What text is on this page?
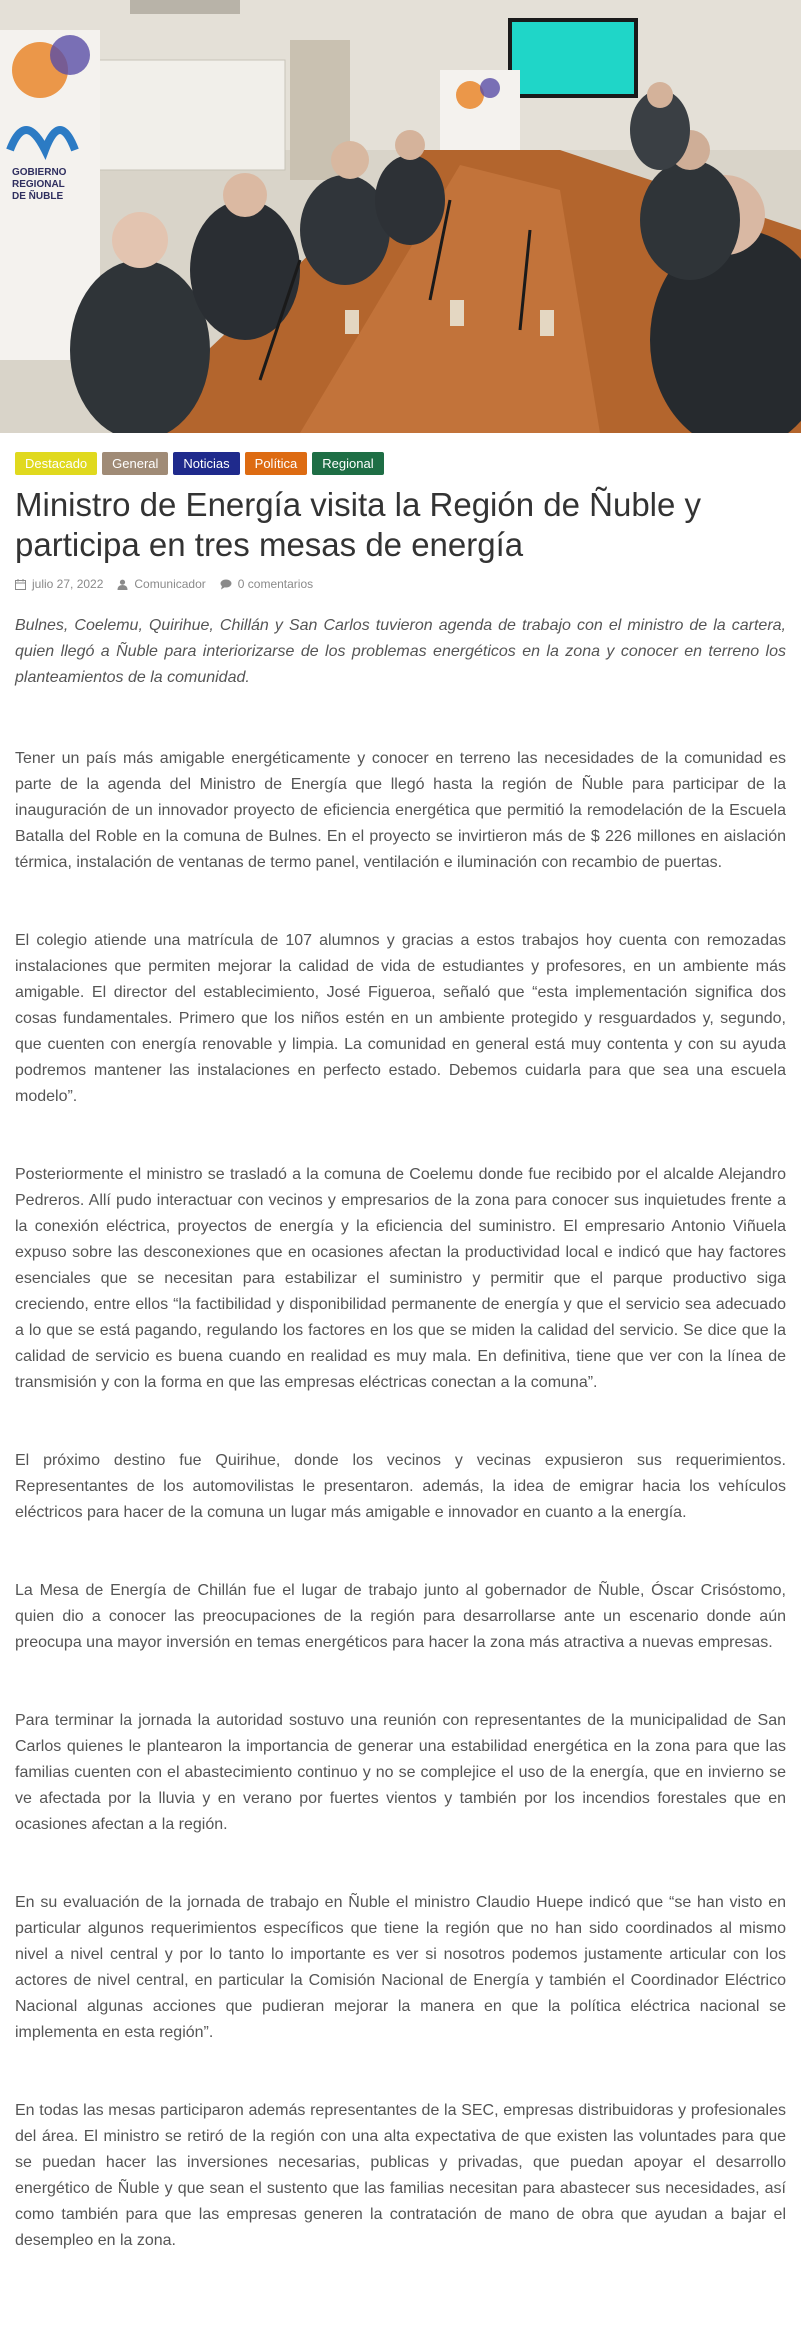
GOBIERNO
REGIONAL
DE ÑUBLE
Destacado	General	Noticias	Política	Regional
Ministro de Energía visita la Región de Ñuble y
participa en tres mesas de energía
julio 27, 2022	Comunicador	0 comentarios

Bulnes, Coelemu, Quirihue, Chillán y San Carlos tuvieron agenda de trabajo con el ministro de la cartera, quien llegó a Ñuble para interiorizarse de los problemas energéticos en la zona y conocer en terreno los planteamientos de la comunidad.

Tener un país más amigable energéticamente y conocer en terreno las necesidades de la comunidad es parte de la agenda del Ministro de Energía que llegó hasta la región de Ñuble para participar de la inauguración de un innovador proyecto de eficiencia energética que permitió la remodelación de la Escuela Batalla del Roble en la comuna de Bulnes. En el proyecto se invirtieron más de $ 226 millones en aislación térmica, instalación de ventanas de termo panel, ventilación e iluminación con recambio de puertas.

El colegio atiende una matrícula de 107 alumnos y gracias a estos trabajos hoy cuenta con remozadas instalaciones que permiten mejorar la calidad de vida de estudiantes y profesores, en un ambiente más amigable. El director del establecimiento, José Figueroa, señaló que “esta implementación significa dos cosas fundamentales. Primero que los niños estén en un ambiente protegido y resguardados y, segundo, que cuenten con energía renovable y limpia. La comunidad en general está muy contenta y con su ayuda podremos mantener las instalaciones en perfecto estado. Debemos cuidarla para que sea una escuela modelo”.

Posteriormente el ministro se trasladó a la comuna de Coelemu donde fue recibido por el alcalde Alejandro Pedreros. Allí pudo interactuar con vecinos y empresarios de la zona para conocer sus inquietudes frente a la conexión eléctrica, proyectos de energía y la eficiencia del suministro. El empresario Antonio Viñuela expuso sobre las desconexiones que en ocasiones afectan la productividad local e indicó que hay factores esenciales que se necesitan para estabilizar el suministro y permitir que el parque productivo siga creciendo, entre ellos “la factibilidad y disponibilidad permanente de energía y que el servicio sea adecuado a lo que se está pagando, regulando los factores en los que se miden la calidad del servicio. Se dice que la calidad de servicio es buena cuando en realidad es muy mala. En definitiva, tiene que ver con la línea de transmisión y con la forma en que las empresas eléctricas conectan a la comuna”.

El próximo destino fue Quirihue, donde los vecinos y vecinas expusieron sus requerimientos. Representantes de los automovilistas le presentaron. además, la idea de emigrar hacia los vehículos eléctricos para hacer de la comuna un lugar más amigable e innovador en cuanto a la energía.

La Mesa de Energía de Chillán fue el lugar de trabajo junto al gobernador de Ñuble, Óscar Crisóstomo, quien dio a conocer las preocupaciones de la región para desarrollarse ante un escenario donde aún preocupa una mayor inversión en temas energéticos para hacer la zona más atractiva a nuevas empresas.

Para terminar la jornada la autoridad sostuvo una reunión con representantes de la municipalidad de San Carlos quienes le plantearon la importancia de generar una estabilidad energética en la zona para que las familias cuenten con el abastecimiento continuo y no se complejice el uso de la energía, que en invierno se ve afectada por la lluvia y en verano por fuertes vientos y también por los incendios forestales que en ocasiones afectan a la región.

En su evaluación de la jornada de trabajo en Ñuble el ministro Claudio Huepe indicó que “se han visto en particular algunos requerimientos específicos que tiene la región que no han sido coordinados al mismo nivel a nivel central y por lo tanto lo importante es ver si nosotros podemos justamente articular con los actores de nivel central, en particular la Comisión Nacional de Energía y también el Coordinador Eléctrico Nacional algunas acciones que pudieran mejorar la manera en que la política eléctrica nacional se implementa en esta región”.

En todas las mesas participaron además representantes de la SEC, empresas distribuidoras y profesionales del área. El ministro se retiró de la región con una alta expectativa de que existen las voluntades para que se puedan hacer las inversiones necesarias, publicas y privadas, que puedan apoyar el desarrollo energético de Ñuble y que sean el sustento que las familias necesitan para abastecer sus necesidades, así como también para que las empresas generen la contratación de mano de obra que ayudan a bajar el desempleo en la zona.
